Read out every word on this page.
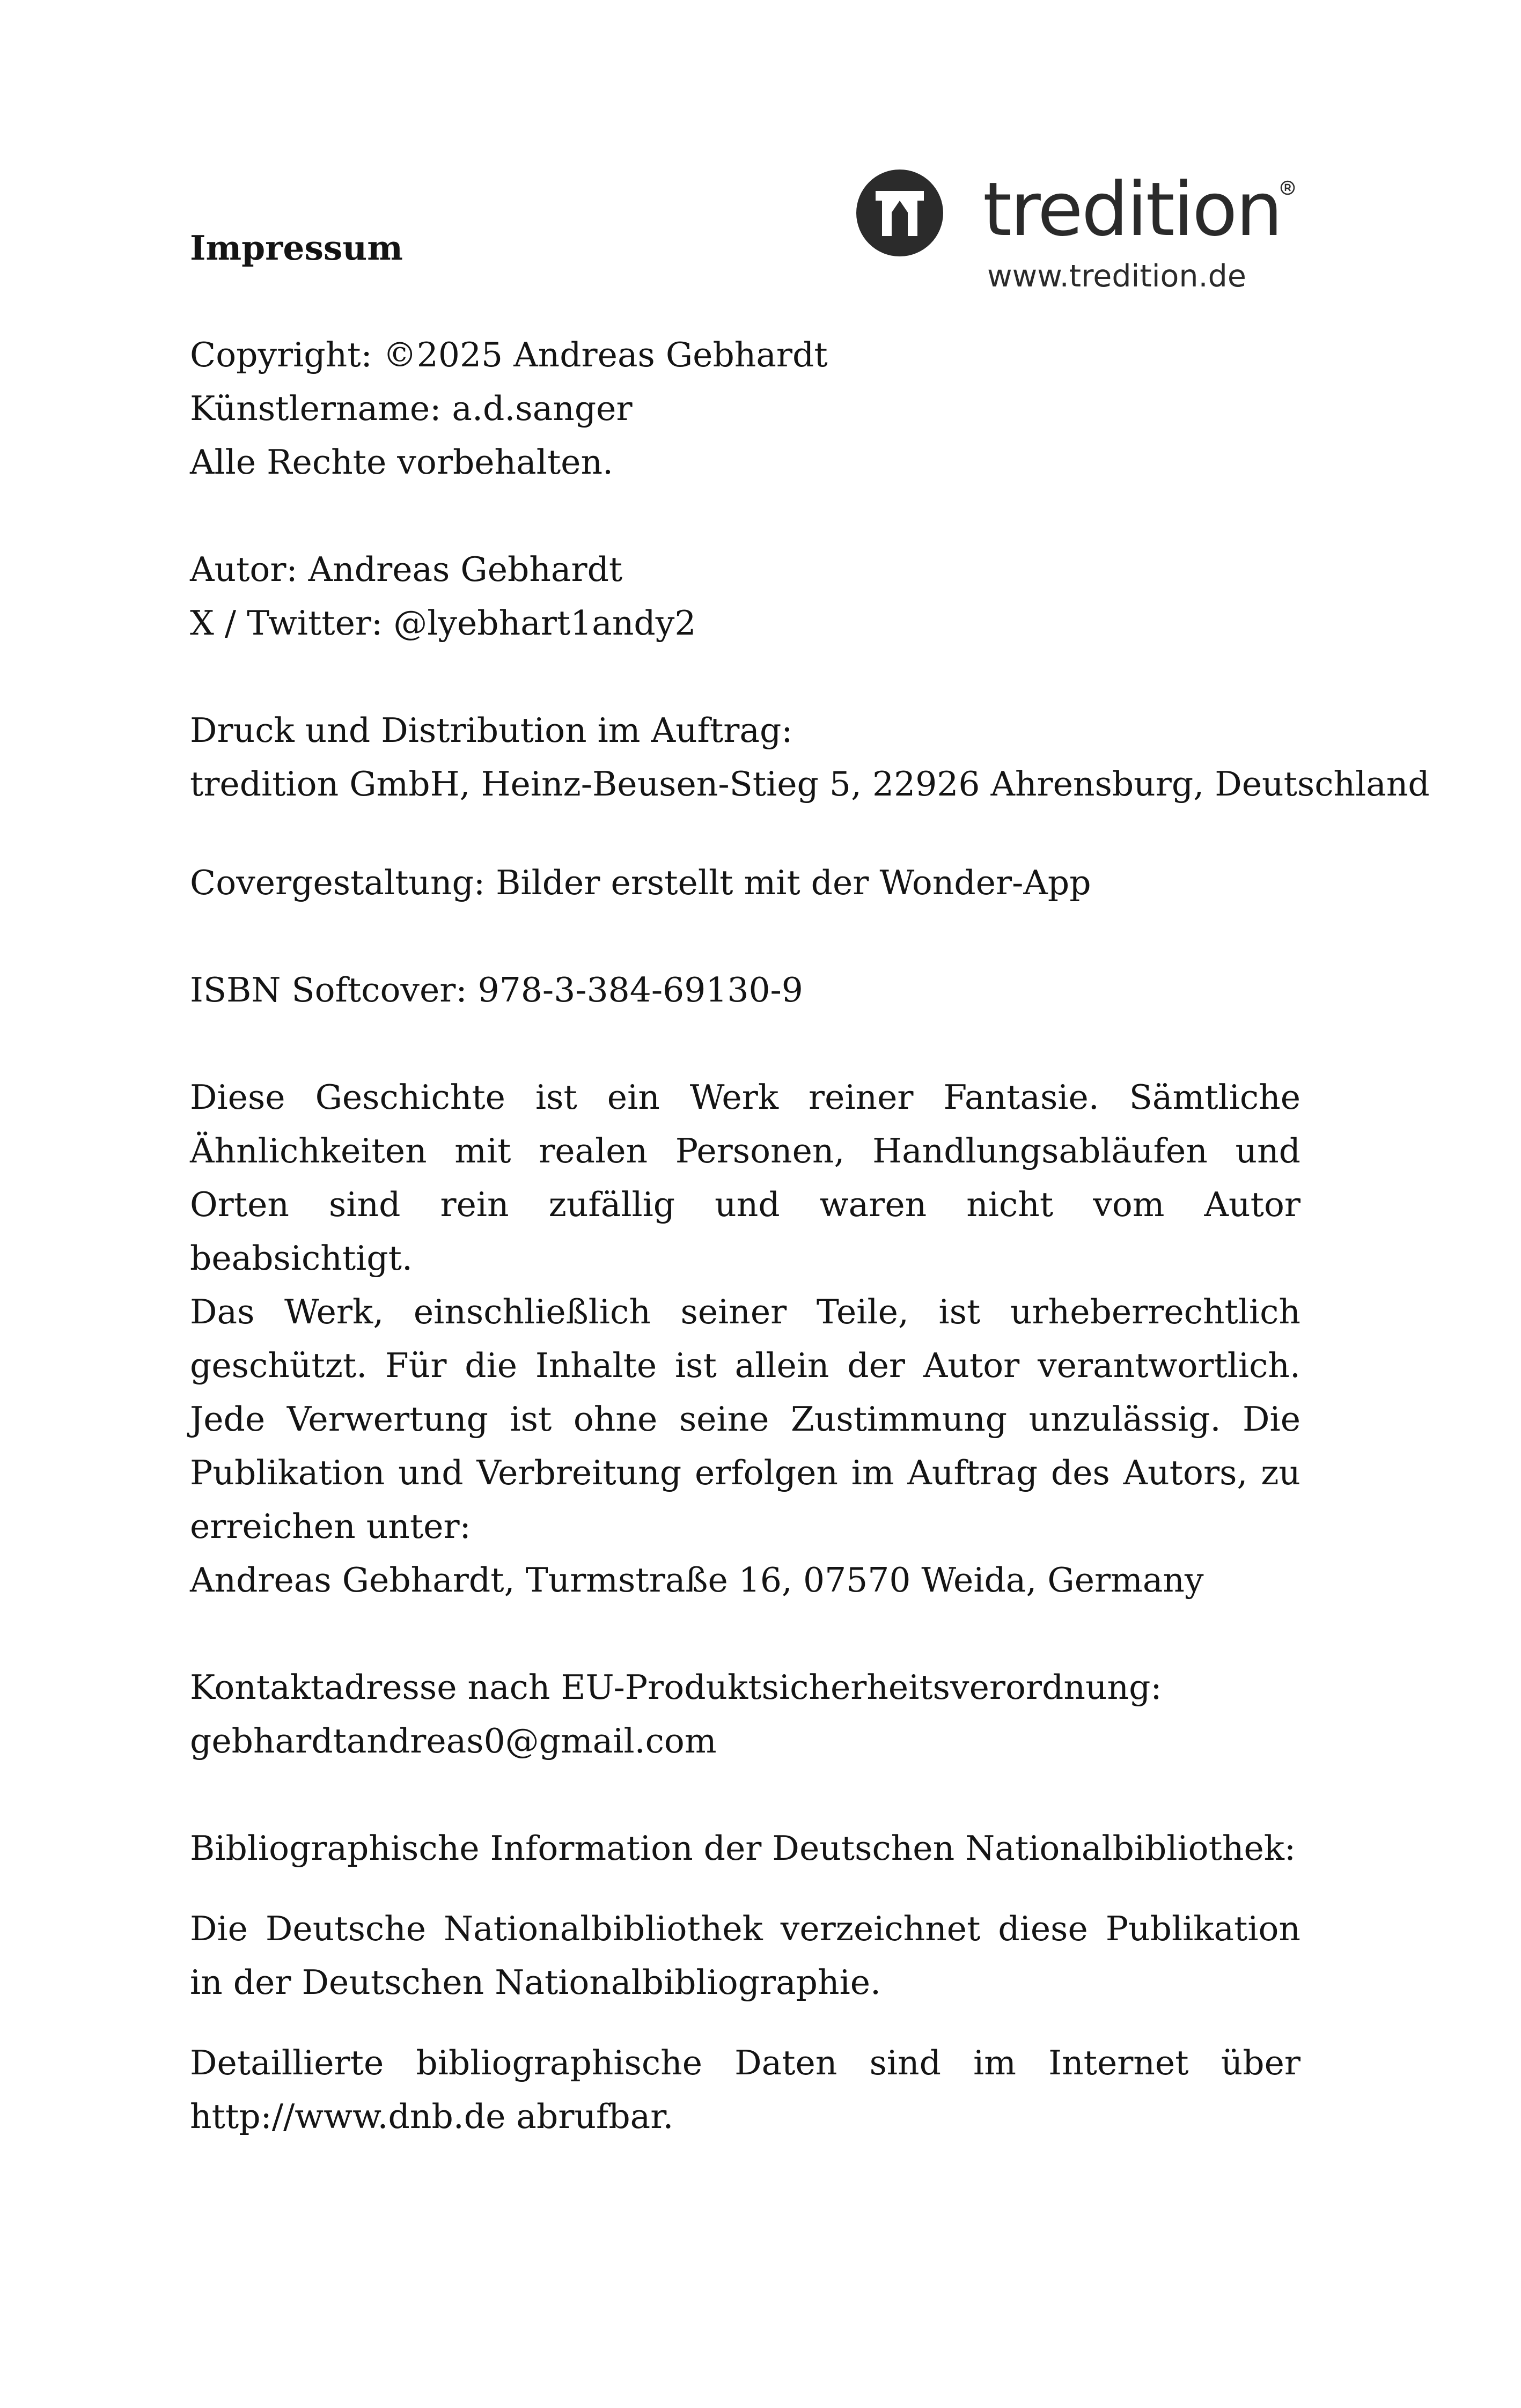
tredition
www.tredition.de

Impressum

Copyright: ©2025 Andreas Gebhardt

Künstlername: a.d.sanger

Alle Rechte vorbehalten.

Autor: Andreas Gebhardt

X / Twitter: @lyebhart1andy2

Druck und Distribution im Auftrag:

tredition GmbH, Heinz-Beusen-Stieg 5, 22926 Ahrensburg, Deutschland

Covergestaltung: Bilder erstellt mit der Wonder-App

ISBN Softcover: 978-3-384-69130-9

Diese Geschichte ist ein Werk reiner Fantasie. Sämtliche Ähnlichkeiten mit realen Personen, Handlungsabläufen und Orten sind rein zufällig und waren nicht vom Autor beabsichtigt.

Das Werk, einschließlich seiner Teile, ist urheberrechtlich geschützt. Für die Inhalte ist allein der Autor verantwortlich. Jede Verwertung ist ohne seine Zustimmung unzulässig. Die Publikation und Verbreitung erfolgen im Auftrag des Autors, zu erreichen unter:

Andreas Gebhardt, Turmstraße 16, 07570 Weida, Germany

Kontaktadresse nach EU-Produktsicherheitsverordnung:

gebhardtandreas0@gmail.com

Bibliographische Information der Deutschen Nationalbibliothek:

Die Deutsche Nationalbibliothek verzeichnet diese Publikation in der Deutschen Nationalbibliographie.

Detaillierte bibliographische Daten sind im Internet über http://www.dnb.de abrufbar.
